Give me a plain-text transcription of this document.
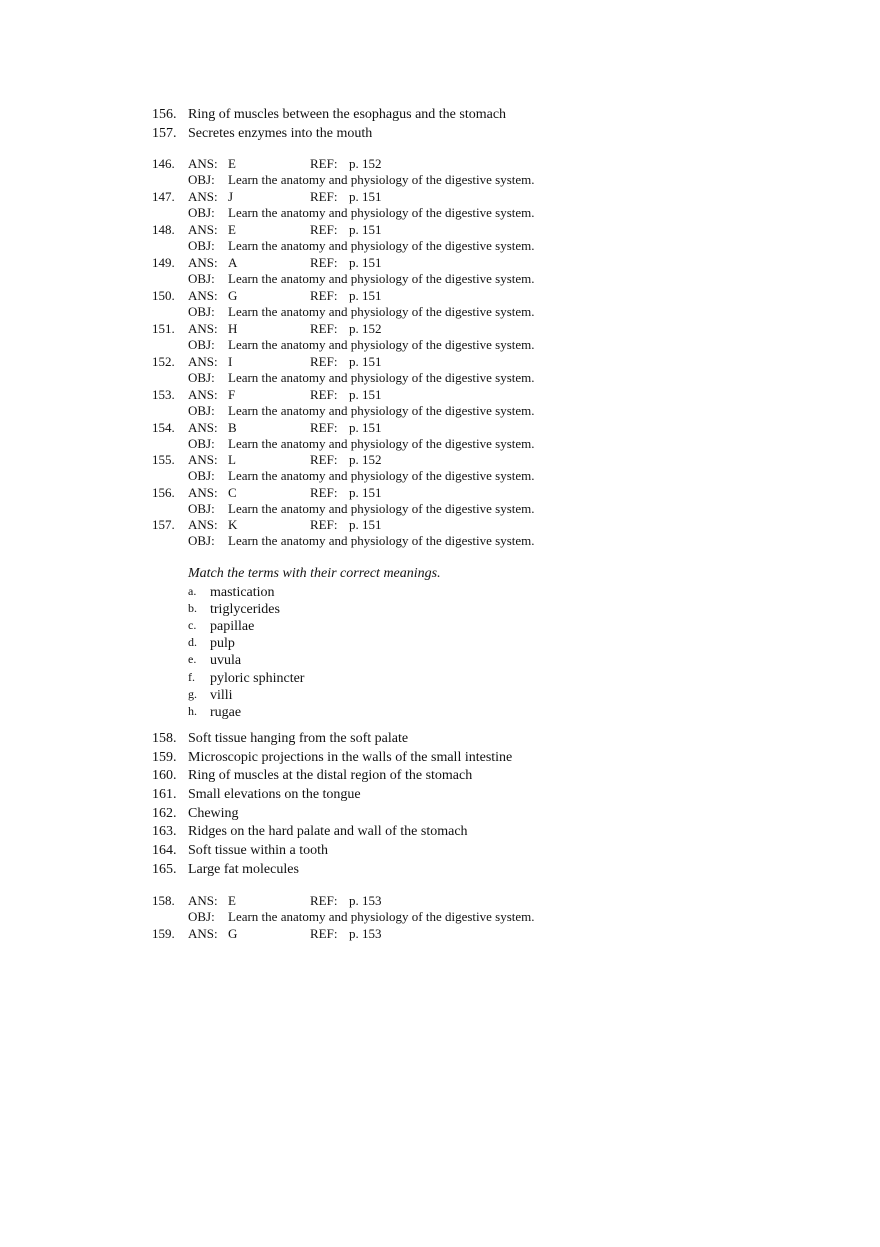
156. Ring of muscles between the esophagus and the stomach
157. Secretes enzymes into the mouth
146.	ANS: E	REF: p. 152
OBJ: Learn the anatomy and physiology of the digestive system.
147.	ANS: J	REF: p. 151
OBJ: Learn the anatomy and physiology of the digestive system.
148.	ANS: E	REF: p. 151
OBJ: Learn the anatomy and physiology of the digestive system.
149.	ANS: A	REF: p. 151
OBJ: Learn the anatomy and physiology of the digestive system.
150.	ANS: G	REF: p. 151
OBJ: Learn the anatomy and physiology of the digestive system.
151.	ANS: H	REF: p. 152
OBJ: Learn the anatomy and physiology of the digestive system.
152.	ANS: I	REF: p. 151
OBJ: Learn the anatomy and physiology of the digestive system.
153.	ANS: F	REF: p. 151
OBJ: Learn the anatomy and physiology of the digestive system.
154.	ANS: B	REF: p. 151
OBJ: Learn the anatomy and physiology of the digestive system.
155.	ANS: L	REF: p. 152
OBJ: Learn the anatomy and physiology of the digestive system.
156.	ANS: C	REF: p. 151
OBJ: Learn the anatomy and physiology of the digestive system.
157.	ANS: K	REF: p. 151
OBJ: Learn the anatomy and physiology of the digestive system.
Match the terms with their correct meanings.
a. mastication
b. triglycerides
c. papillae
d. pulp
e. uvula
f. pyloric sphincter
g. villi
h. rugae
158. Soft tissue hanging from the soft palate
159. Microscopic projections in the walls of the small intestine
160. Ring of muscles at the distal region of the stomach
161. Small elevations on the tongue
162. Chewing
163. Ridges on the hard palate and wall of the stomach
164. Soft tissue within a tooth
165. Large fat molecules
158.	ANS: E	REF: p. 153
OBJ: Learn the anatomy and physiology of the digestive system.
159.	ANS: G	REF: p. 153
